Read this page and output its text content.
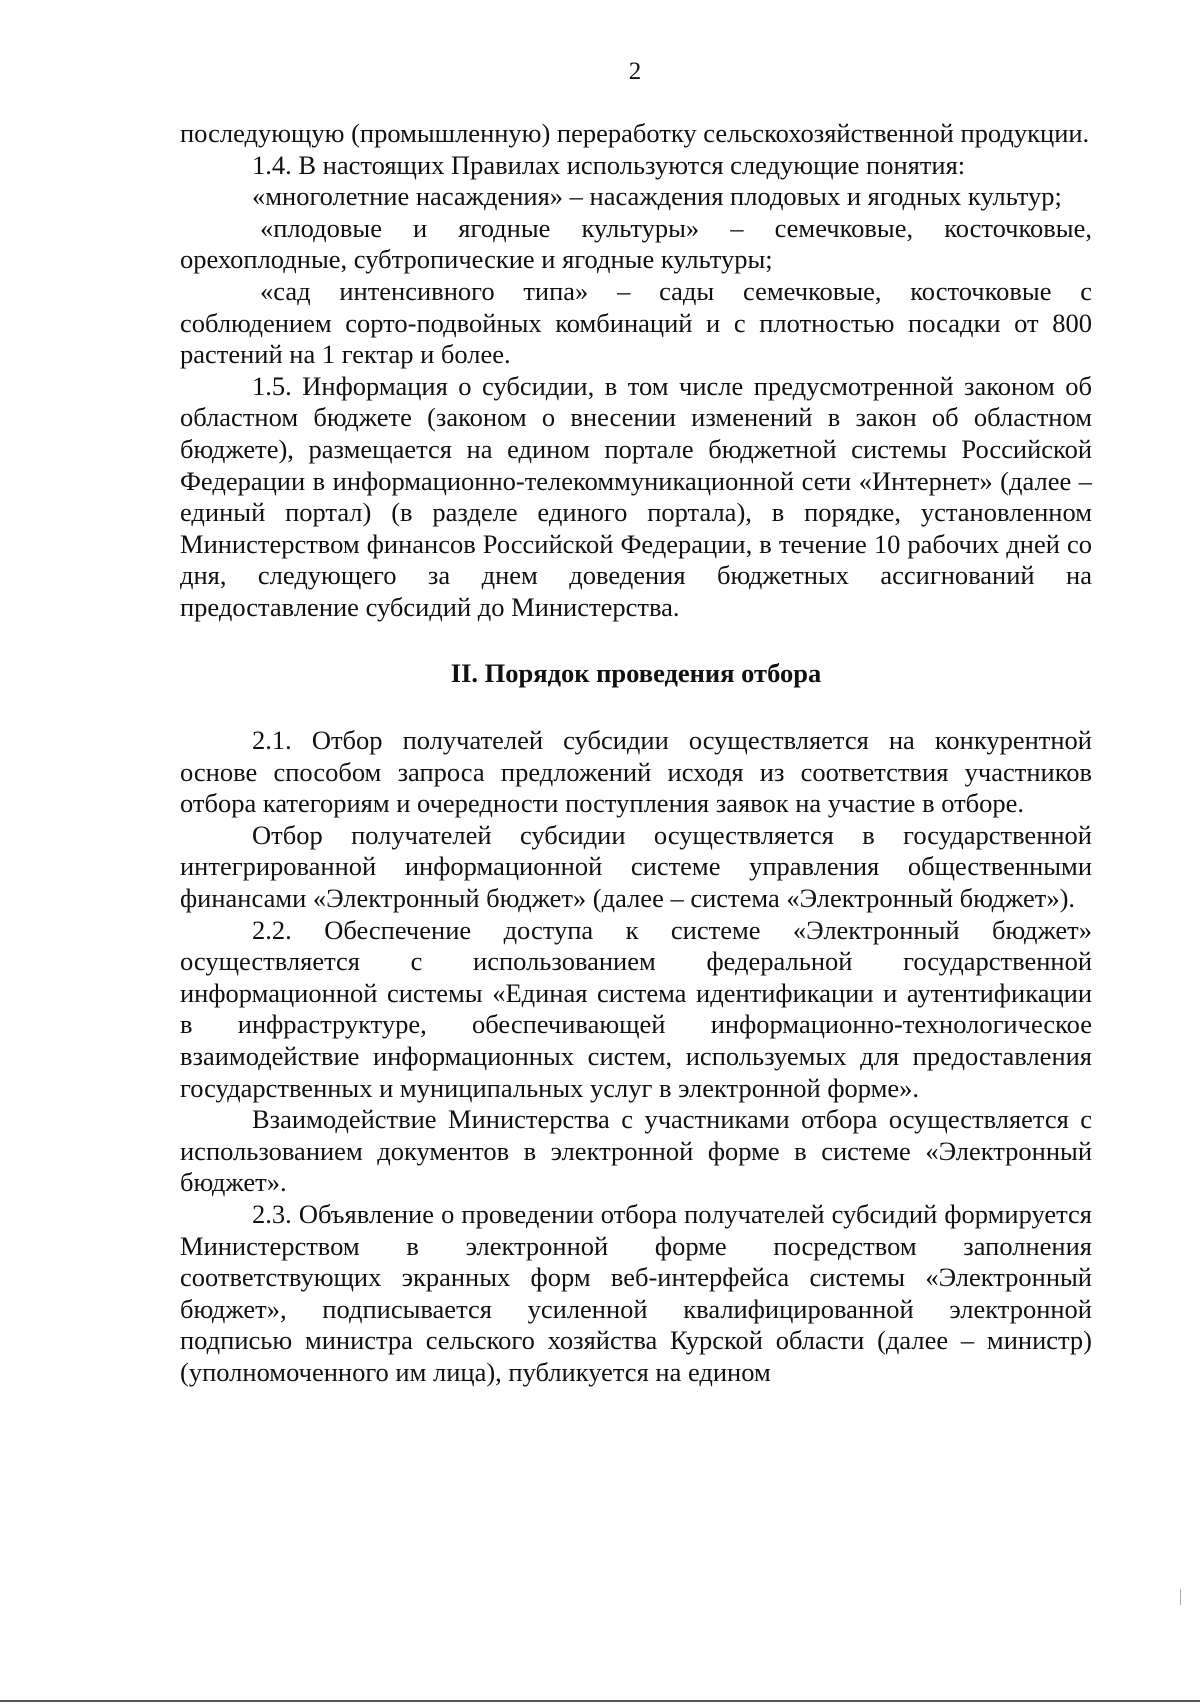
2

последующую (промышленную) переработку сельскохозяйственной продукции.

1.4. В настоящих Правилах используются следующие понятия:

«многолетние насаждения» – насаждения плодовых и ягодных культур;

«плодовые и ягодные культуры» – семечковые, косточковые, орехоплодные, субтропические и ягодные культуры;

«сад интенсивного типа» – сады семечковые, косточковые с соблюдением сорто-подвойных комбинаций и с плотностью посадки от 800 растений на 1 гектар и более.

1.5. Информация о субсидии, в том числе предусмотренной законом об областном бюджете (законом о внесении изменений в закон об областном бюджете), размещается на едином портале бюджетной системы Российской Федерации в информационно-телекоммуникационной сети «Интернет» (далее – единый портал) (в разделе единого портала), в порядке, установленном Министерством финансов Российской Федерации, в течение 10 рабочих дней со дня, следующего за днем доведения бюджетных ассигнований на предоставление субсидий до Министерства.

II. Порядок проведения отбора

2.1. Отбор получателей субсидии осуществляется на конкурентной основе способом запроса предложений исходя из соответствия участников отбора категориям и очередности поступления заявок на участие в отборе.

Отбор получателей субсидии осуществляется в государственной интегрированной информационной системе управления общественными финансами «Электронный бюджет» (далее – система «Электронный бюджет»).

2.2. Обеспечение доступа к системе «Электронный бюджет» осуществляется с использованием федеральной государственной информационной системы «Единая система идентификации и аутентификации в инфраструктуре, обеспечивающей информационно-технологическое взаимодействие информационных систем, используемых для предоставления государственных и муниципальных услуг в электронной форме».

Взаимодействие Министерства с участниками отбора осуществляется с использованием документов в электронной форме в системе «Электронный бюджет».

2.3. Объявление о проведении отбора получателей субсидий формируется Министерством в электронной форме посредством заполнения соответствующих экранных форм веб-интерфейса системы «Электронный бюджет», подписывается усиленной квалифицированной электронной подписью министра сельского хозяйства Курской области (далее – министр) (уполномоченного им лица), публикуется на едином
